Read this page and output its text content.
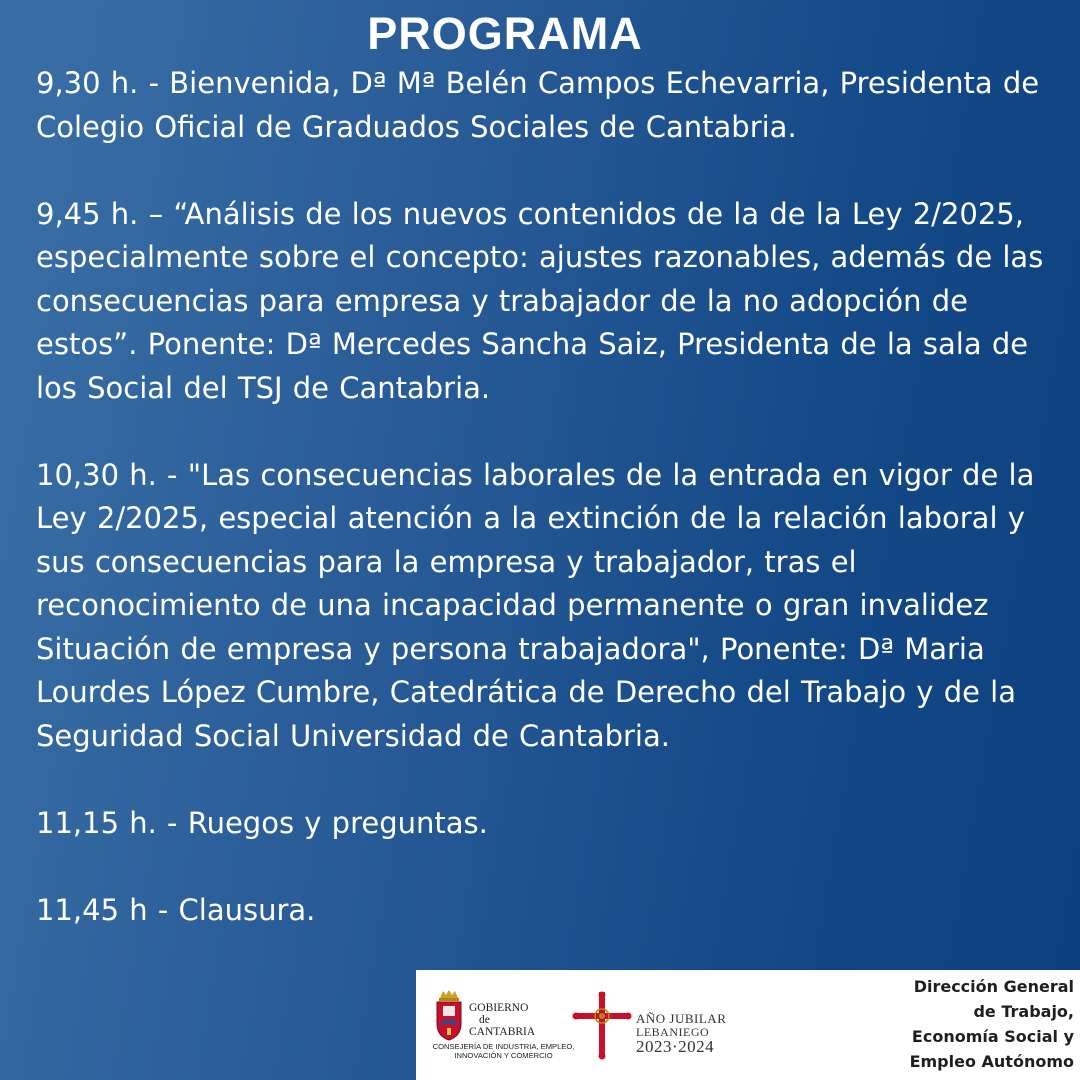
PROGRAMA

9,30 h. - Bienvenida, Dª Mª Belén Campos Echevarria, Presidenta de Colegio Oficial de Graduados Sociales de Cantabria.

9,45 h. – “Análisis de los nuevos contenidos de la de la Ley 2/2025, especialmente sobre el concepto: ajustes razonables, además de las consecuencias para empresa y trabajador de la no adopción de estos”. Ponente: Dª Mercedes Sancha Saiz, Presidenta de la sala de los Social del TSJ de Cantabria.

10,30 h. - "Las consecuencias laborales de la entrada en vigor de la Ley 2/2025, especial atención a la extinción de la relación laboral y sus consecuencias para la empresa y trabajador, tras el reconocimiento de una incapacidad permanente o gran invalidez Situación de empresa y persona trabajadora", Ponente: Dª Maria Lourdes López Cumbre, Catedrática de Derecho del Trabajo y de la Seguridad Social Universidad de Cantabria.

11,15 h. - Ruegos y preguntas.

11,45 h - Clausura.

GOBIERNO
de
CANTABRIA
CONSEJERÍA DE INDUSTRIA, EMPLEO,
INNOVACIÓN Y COMERCIO
AÑO JUBILAR
LEBANIEGO
2023·2024
Dirección General
de Trabajo,
Economía Social y
Empleo Autónomo
